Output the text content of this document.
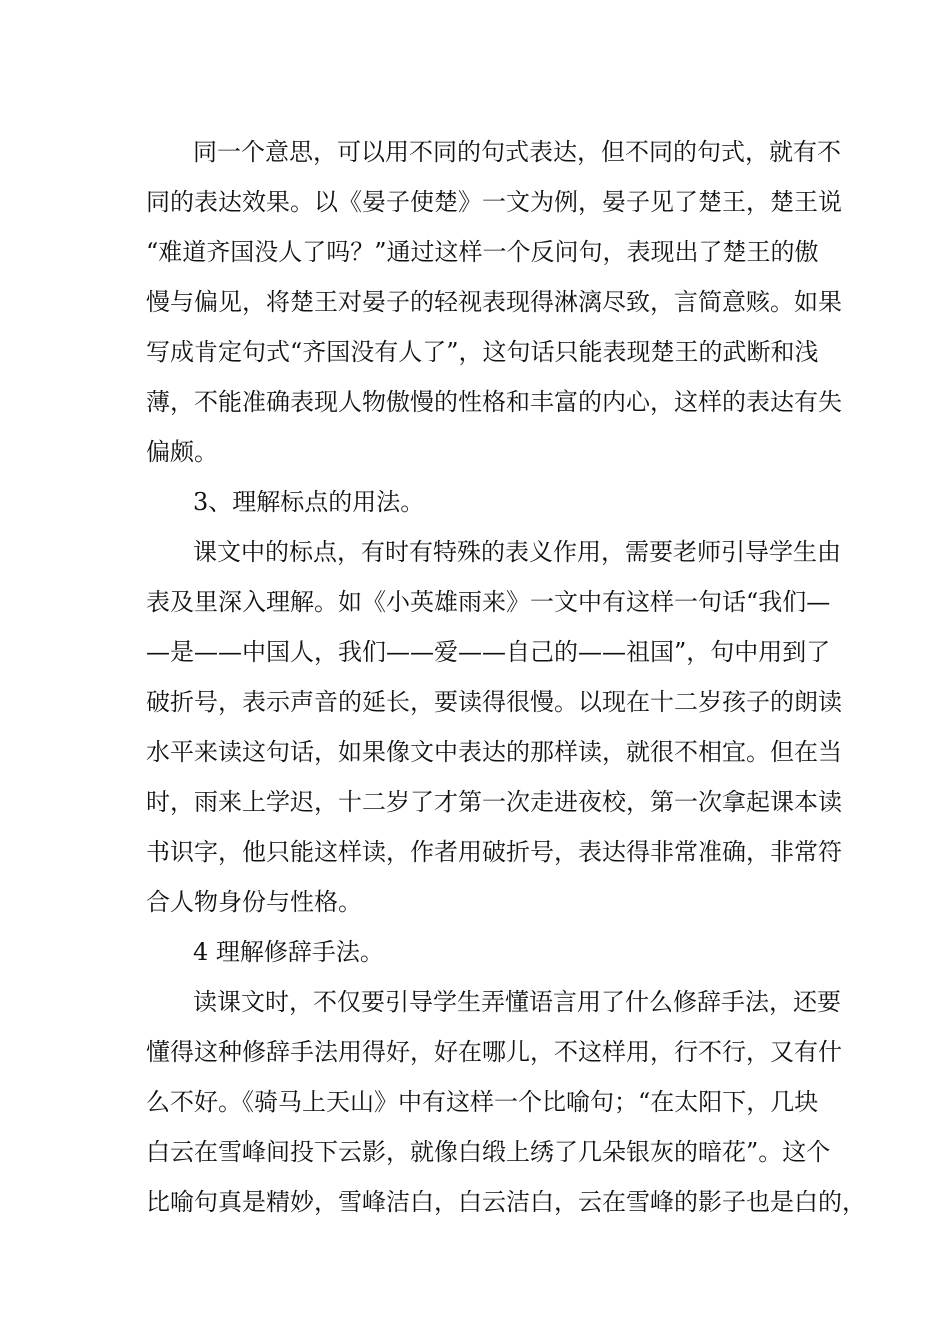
同一个意思，可以用不同的句式表达，但不同的句式，就有不
同的表达效果。以《晏子使楚》一文为例，晏子见了楚王，楚王说
“难道齐国没人了吗？”通过这样一个反问句，表现出了楚王的傲
慢与偏见，将楚王对晏子的轻视表现得淋漓尽致，言简意赅。如果
写成肯定句式“齐国没有人了”，这句话只能表现楚王的武断和浅
薄，不能准确表现人物傲慢的性格和丰富的内心，这样的表达有失
偏颇。
3、理解标点的用法。
课文中的标点，有时有特殊的表义作用，需要老师引导学生由
表及里深入理解。如《小英雄雨来》一文中有这样一句话“我们—
—是——中国人，我们——爱——自己的——祖国”，句中用到了
破折号，表示声音的延长，要读得很慢。以现在十二岁孩子的朗读
水平来读这句话，如果像文中表达的那样读，就很不相宜。但在当
时，雨来上学迟，十二岁了才第一次走进夜校，第一次拿起课本读
书识字，他只能这样读，作者用破折号，表达得非常准确，非常符
合人物身份与性格。
4 理解修辞手法。
读课文时，不仅要引导学生弄懂语言用了什么修辞手法，还要
懂得这种修辞手法用得好，好在哪儿，不这样用，行不行，又有什
么不好。《骑马上天山》中有这样一个比喻句；“在太阳下，几块
白云在雪峰间投下云影，就像白缎上绣了几朵银灰的暗花”。这个
比喻句真是精妙，雪峰洁白，白云洁白，云在雪峰的影子也是白的，
